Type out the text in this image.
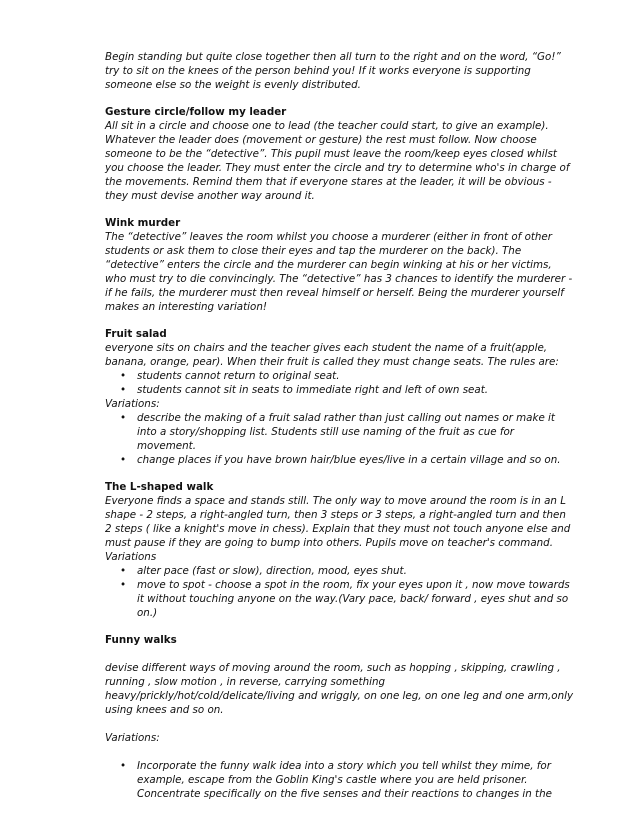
Begin standing but quite close together then all turn to the right and on the word, “Go!” try to sit on the knees of the person behind you! If it works everyone is supporting someone else so the weight is evenly distributed.

Gesture circle/follow my leader

All sit in a circle and choose one to lead (the teacher could start, to give an example). Whatever the leader does (movement or gesture) the rest must follow. Now choose someone to be the “detective”. This pupil must leave the room/keep eyes closed whilst you choose the leader. They must enter the circle and try to determine who's in charge of the movements. Remind them that if everyone stares at the leader, it will be obvious - they must devise another way around it.

Wink murder

The “detective” leaves the room whilst you choose a murderer (either in front of other students or ask them to close their eyes and tap the murderer on the back). The “detective” enters the circle and the murderer can begin winking at his or her victims, who must try to die convincingly. The “detective” has 3 chances to identify the murderer - if he fails, the murderer must then reveal himself or herself. Being the murderer yourself makes an interesting variation!

Fruit salad

everyone sits on chairs and the teacher gives each student the name of a fruit(apple, banana, orange, pear). When their fruit is called they must change seats. The rules are:

• students cannot return to original seat.
• students cannot sit in seats to immediate right and left of own seat.

Variations:

• describe the making of a fruit salad rather than just calling out names or make it into a story/shopping list. Students still use naming of the fruit as cue for movement.
• change places if you have brown hair/blue eyes/live in a certain village and so on.

The L-shaped walk

Everyone finds a space and stands still. The only way to move around the room is in an L shape - 2 steps, a right-angled turn, then 3 steps or 3 steps, a right-angled turn and then 2 steps ( like a knight's move in chess). Explain that they must not touch anyone else and must pause if they are going to bump into others. Pupils move on teacher's command.

Variations

• alter pace (fast or slow), direction, mood, eyes shut.
• move to spot - choose a spot in the room, fix your eyes upon it , now move towards it without touching anyone on the way.(Vary pace, back/ forward , eyes shut and so on.)

Funny walks

devise different ways of moving around the room, such as hopping , skipping, crawling , running , slow motion , in reverse, carrying something heavy/prickly/hot/cold/delicate/living and wriggly, on one leg, on one leg and one arm,only using knees and so on.

Variations:

• Incorporate the funny walk idea into a story which you tell whilst they mime, for example, escape from the Goblin King's castle where you are held prisoner. Concentrate specifically on the five senses and their reactions to changes in the
